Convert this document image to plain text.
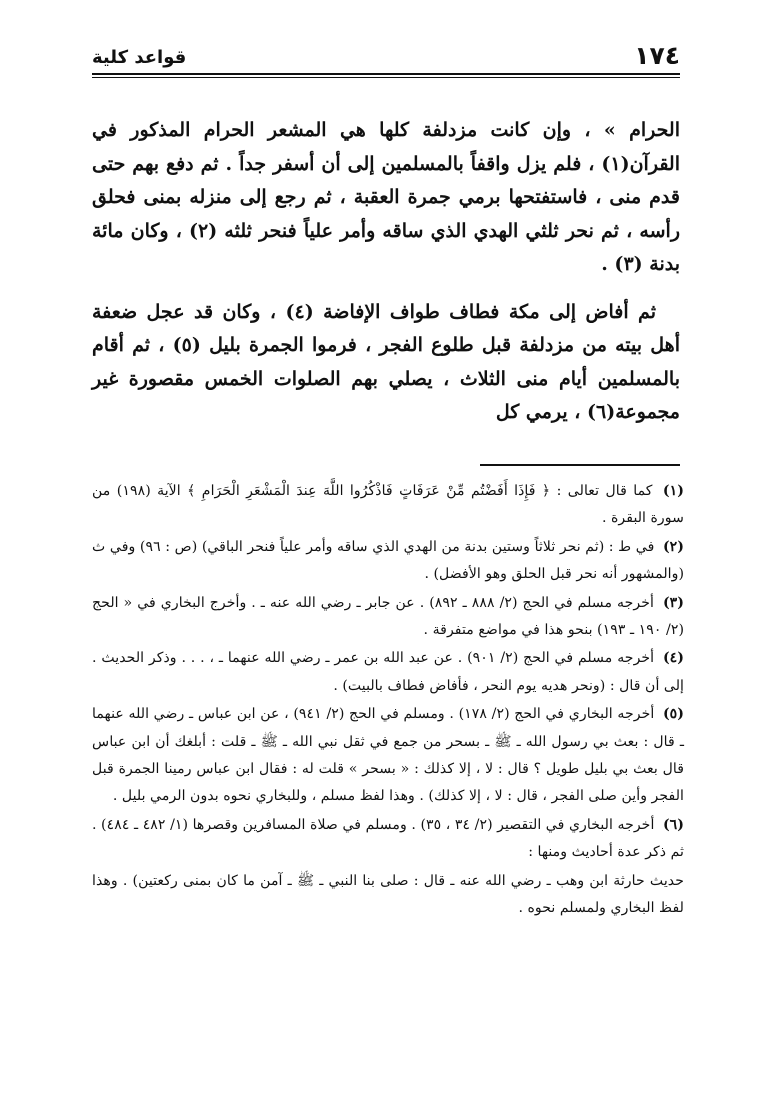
١٧٤
قواعد كلية

الحرام » ، وإن كانت مزدلفة كلها هي المشعر الحرام المذكور في القرآن(١) ، فلم يزل واقفاً بالمسلمين إلى أن أسفر جداً . ثم دفع بهم حتى قدم منى ، فاستفتحها برمي جمرة العقبة ، ثم رجع إلى منزله بمنى فحلق رأسه ، ثم نحر ثلثي الهدي الذي ساقه وأمر علياً فنحر ثلثه (٢) ، وكان مائة بدنة (٣) .

ثم أفاض إلى مكة فطاف طواف الإفاضة (٤) ، وكان قد عجل ضعفة أهل بيته من مزدلفة قبل طلوع الفجر ، فرموا الجمرة بليل (٥) ، ثم أقام بالمسلمين أيام منى الثلاث ، يصلي بهم الصلوات الخمس مقصورة غير مجموعة(٦) ، يرمي كل

(١) كما قال تعالى : ﴿ فَإِذَا أَفَضْتُم مِّنْ عَرَفَاتٍ فَاذْكُرُوا اللَّهَ عِندَ الْمَشْعَرِ الْحَرَامِ ﴾ الآية (١٩٨) من سورة البقرة .

(٢) في ط : (ثم نحر ثلاثاً وستين بدنة من الهدي الذي ساقه وأمر علياً فنحر الباقي) (ص : ٩٦) وفي ث (والمشهور أنه نحر قبل الحلق وهو الأفضل) .

(٣) أخرجه مسلم في الحج (٢/ ٨٨٨ ـ ٨٩٢) . عن جابر ـ رضي الله عنه ـ . وأخرج البخاري في « الحج (٢/ ١٩٠ ـ ١٩٣) بنحو هذا في مواضع متفرقة .

(٤) أخرجه مسلم في الحج (٢/ ٩٠١) . عن عبد الله بن عمر ـ رضي الله عنهما ـ ، . . . وذكر الحديث . إلى أن قال : (ونحر هديه يوم النحر ، فأفاض فطاف بالبيت) .

(٥) أخرجه البخاري في الحج (٢/ ١٧٨) . ومسلم في الحج (٢/ ٩٤١) ، عن ابن عباس ـ رضي الله عنهما ـ قال : بعث بي رسول الله ـ ﷺ ـ بسحر من جمع في ثقل نبي الله ـ ﷺ ـ قلت : أبلغك أن ابن عباس قال بعث بي بليل طويل ؟ قال : لا ، إلا كذلك : « بسحر » قلت له : فقال ابن عباس رمينا الجمرة قبل الفجر وأين صلى الفجر ، قال : لا ، إلا كذلك) . وهذا لفظ مسلم ، وللبخاري نحوه بدون الرمي بليل .

(٦) أخرجه البخاري في التقصير (٢/ ٣٤ ، ٣٥) . ومسلم في صلاة المسافرين وقصرها (١/ ٤٨٢ ـ ٤٨٤) . ثم ذكر عدة أحاديث ومنها :

حديث حارثة ابن وهب ـ رضي الله عنه ـ قال : صلى بنا النبي ـ ﷺ ـ آمن ما كان بمنى ركعتين) . وهذا لفظ البخاري ولمسلم نحوه .
